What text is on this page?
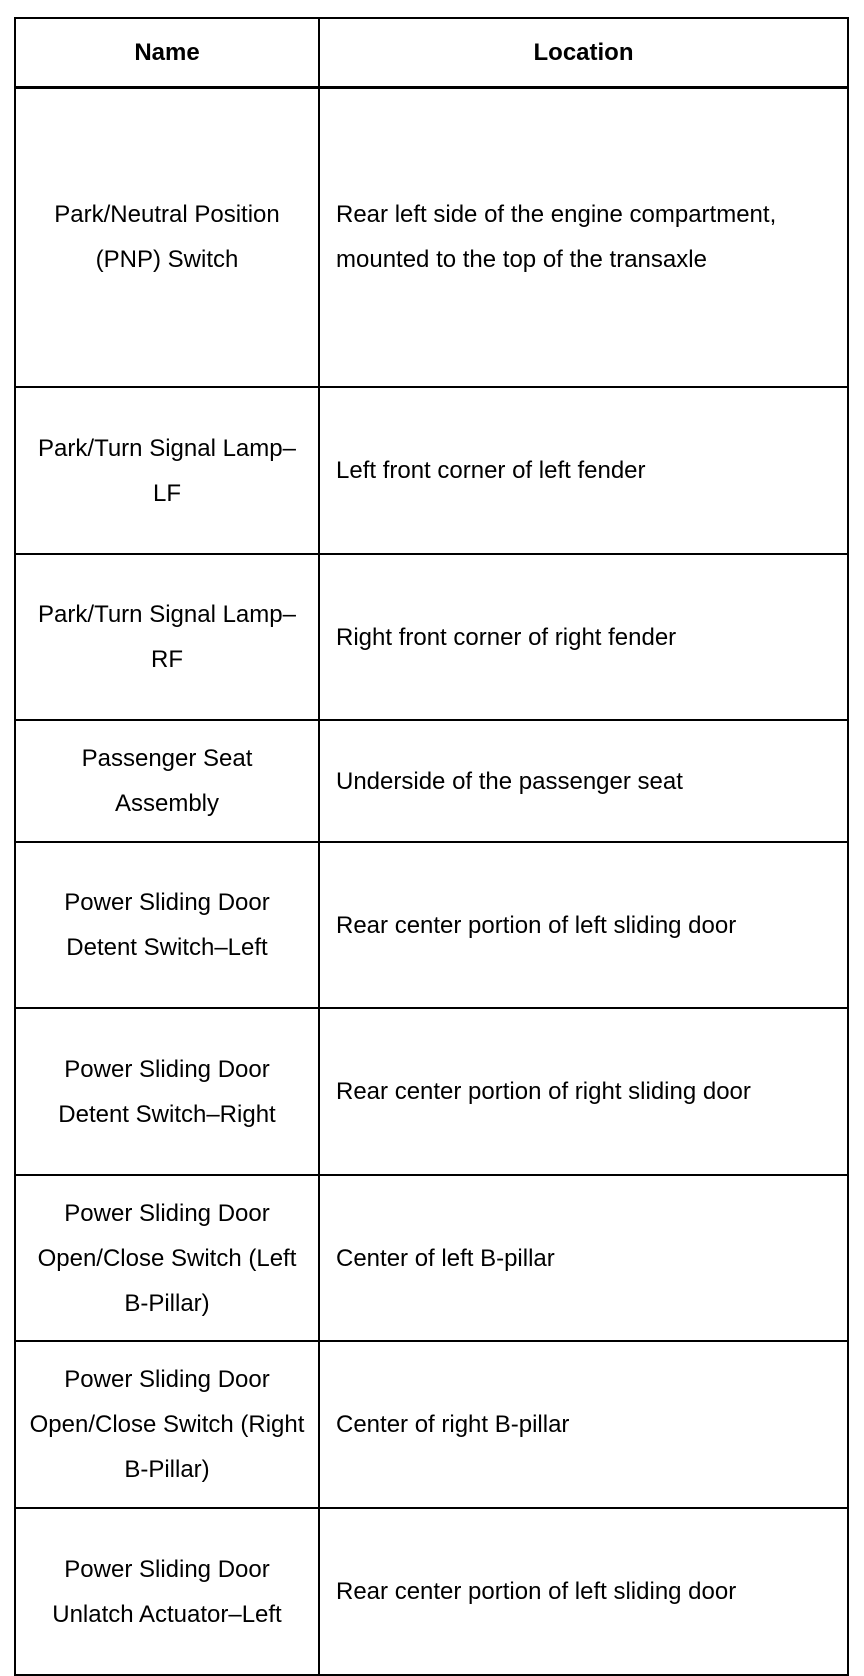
Name	Location
Park/Neutral Position (PNP) Switch	Rear left side of the engine compartment, mounted to the top of the transaxle
Park/Turn Signal Lamp–LF	Left front corner of left fender
Park/Turn Signal Lamp–RF	Right front corner of right fender
Passenger Seat Assembly	Underside of the passenger seat
Power Sliding Door Detent Switch–Left	Rear center portion of left sliding door
Power Sliding Door Detent Switch–Right	Rear center portion of right sliding door
Power Sliding Door Open/Close Switch (Left B-Pillar)	Center of left B-pillar
Power Sliding Door Open/Close Switch (Right B-Pillar)	Center of right B-pillar
Power Sliding Door Unlatch Actuator–Left	Rear center portion of left sliding door
